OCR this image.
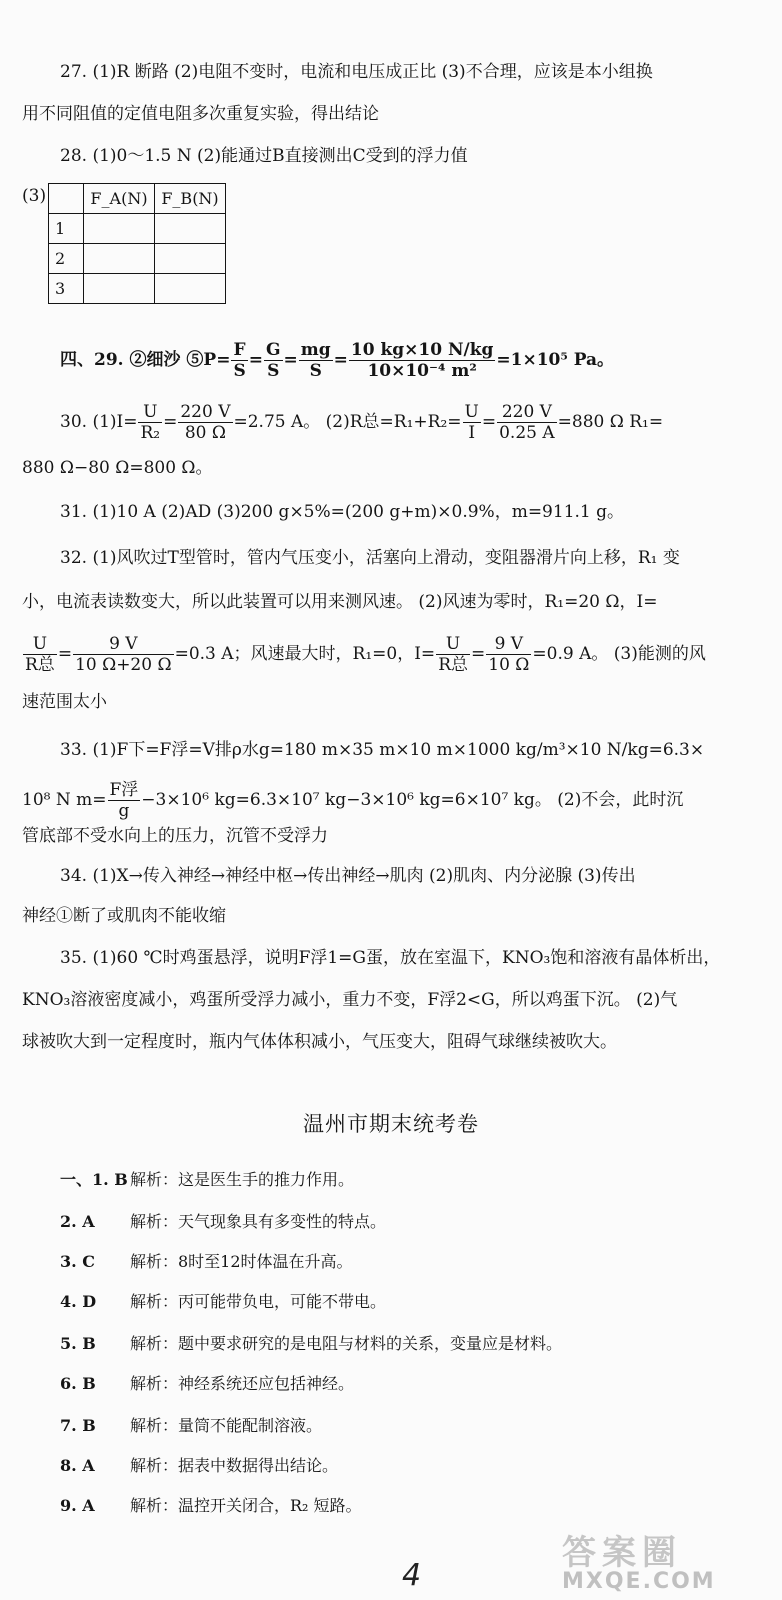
27. (1)R 断路 (2)电阻不变时，电流和电压成正比 (3)不合理，应该是本小组换
用不同阻值的定值电阻多次重复实验，得出结论
28. (1)0～1.5 N (2)能通过B直接测出C受到的浮力值
(3)
		F_A(N)	F_B(N)
1		
2		
3		
四、29. ②细沙 ⑤P= $\frac{F}{S} = \frac{G}{S} = \frac{mg}{S} = \frac{10 kg\times 10 N/kg}{\text{10×10⁻⁴ m²}} =1\times 10^5$ Pa。
30. $(1)I= \frac{U}{\text{R₂}} = \frac{220 V}{80 \Omega} =2.75$ A。 (2)R总$=R_1+R_2= \frac{U}{I} = \frac{220 V}{0.25 A} =880$ Ω R₁=
880 Ω−80 Ω=800 Ω。
31. (1)10 A (2)AD (3)200 g×5%=(200 g+m)×0.9%，m=911.1 g。
32. (1)风吹过T型管时，管内气压变小，活塞向上滑动，变阻器滑片向上移，R₁ 变
小，电流表读数变大，所以此装置可以用来测风速。 (2)风速为零时，R₁=20 Ω，I=
$\frac{U}{\text{R总}} = \frac{9 V}{10 \Omega+20 \Omega} =0.3$ A；风速最大时，R₁=0，$I= \frac{U}{\text{R总}} = \frac{9 V}{10 \Omega} =0.9$ A。 (3)能测的风
速范围太小
33. (1)F下=F浮=V排ρ水g=180 m×35 m×10 m×1000 kg/m³×10 N/kg=6.3×
10⁸ N $m= \frac{\text{F浮}}{g} -3\times 10^6$ kg=6.3×10⁷ kg−3×10⁶ kg=6×10⁷ kg。 (2)不会，此时沉
管底部不受水向上的压力，沉管不受浮力
34. (1)X→传入神经→神经中枢→传出神经→肌肉 (2)肌肉、内分泌腺 (3)传出
神经①断了或肌肉不能收缩
35. (1)60 ℃时鸡蛋悬浮，说明F浮1=G蛋，放在室温下，KNO₃饱和溶液有晶体析出，
KNO₃溶液密度减小，鸡蛋所受浮力减小，重力不变，F浮2<G，所以鸡蛋下沉。 (2)气
球被吹大到一定程度时，瓶内气体体积减小，气压变大，阻碍气球继续被吹大。
温州市期末统考卷
一、1. B 解析：这是医生手的推力作用。
2. A 解析：天气现象具有多变性的特点。
3. C 解析：8时至12时体温在升高。
4. D 解析：丙可能带负电，可能不带电。
5. B 解析：题中要求研究的是电阻与材料的关系，变量应是材料。
6. B 解析：神经系统还应包括神经。
7. B 解析：量筒不能配制溶液。
8. A 解析：据表中数据得出结论。
9. A 解析：温控开关闭合，R₂ 短路。
4
答案圈
MXQE.COM
